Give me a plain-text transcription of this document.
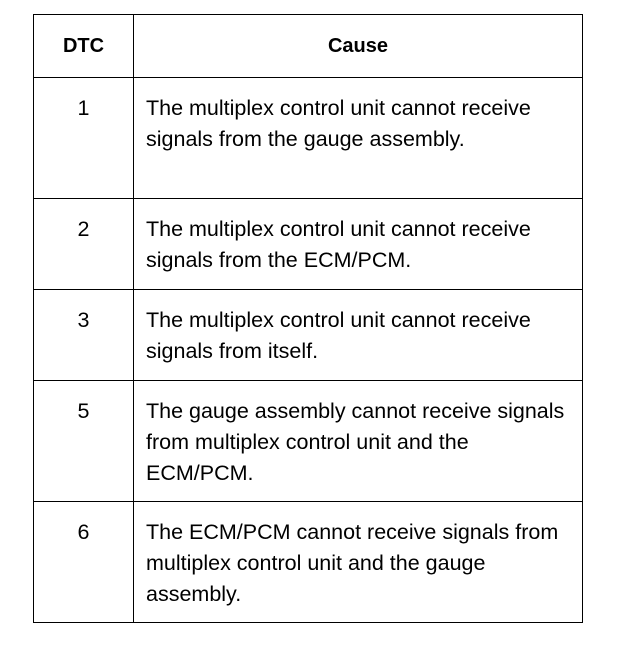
DTC	Cause
1	The multiplex control unit cannot receive signals from the gauge assembly.
2	The multiplex control unit cannot receive signals from the ECM/PCM.
3	The multiplex control unit cannot receive signals from itself.
5	The gauge assembly cannot receive signals from multiplex control unit and the ECM/PCM.
6	The ECM/PCM cannot receive signals from multiplex control unit and the gauge assembly.
